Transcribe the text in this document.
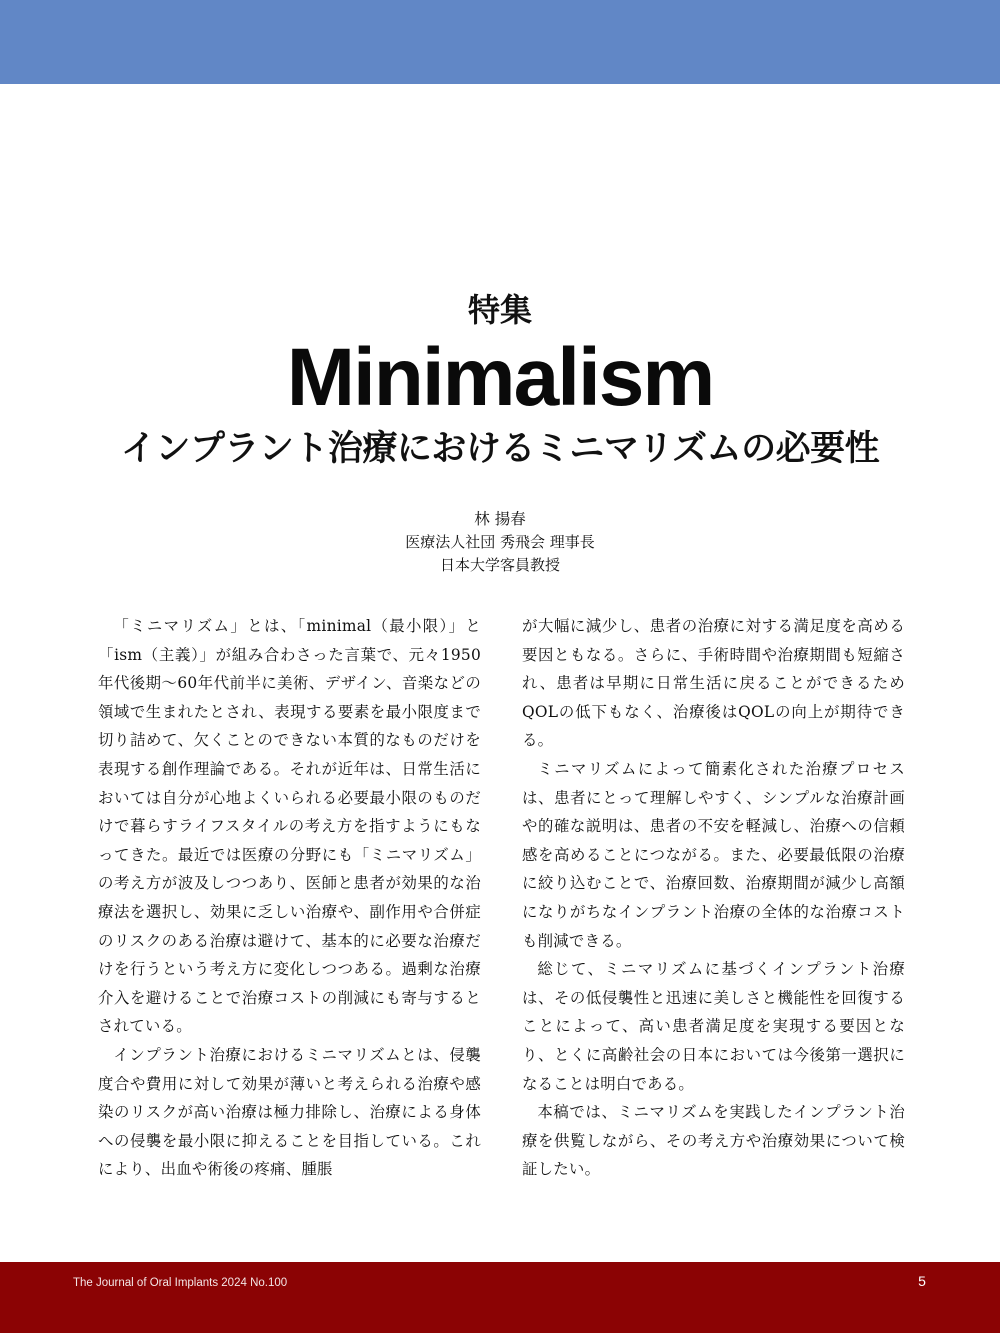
特集
Minimalism
インプラント治療におけるミニマリズムの必要性
林 揚春
医療法人社団 秀飛会 理事長
日本大学客員教授

「ミニマリズム」とは、「minimal（最小限）」と「ism（主義）」が組み合わさった言葉で、元々1950年代後期～60年代前半に美術、デザイン、音楽などの領域で生まれたとされ、表現する要素を最小限度まで切り詰めて、欠くことのできない本質的なものだけを表現する創作理論である。それが近年は、日常生活においては自分が心地よくいられる必要最小限のものだけで暮らすライフスタイルの考え方を指すようにもなってきた。最近では医療の分野にも「ミニマリズム」の考え方が波及しつつあり、医師と患者が効果的な治療法を選択し、効果に乏しい治療や、副作用や合併症のリスクのある治療は避けて、基本的に必要な治療だけを行うという考え方に変化しつつある。過剰な治療介入を避けることで治療コストの削減にも寄与するとされている。

インプラント治療におけるミニマリズムとは、侵襲度合や費用に対して効果が薄いと考えられる治療や感染のリスクが高い治療は極力排除し、治療による身体への侵襲を最小限に抑えることを目指している。これにより、出血や術後の疼痛、腫脹

が大幅に減少し、患者の治療に対する満足度を高める要因ともなる。さらに、手術時間や治療期間も短縮され、患者は早期に日常生活に戻ることができるためQOLの低下もなく、治療後はQOLの向上が期待できる。

ミニマリズムによって簡素化された治療プロセスは、患者にとって理解しやすく、シンプルな治療計画や的確な説明は、患者の不安を軽減し、治療への信頼感を高めることにつながる。また、必要最低限の治療に絞り込むことで、治療回数、治療期間が減少し高額になりがちなインプラント治療の全体的な治療コストも削減できる。

総じて、ミニマリズムに基づくインプラント治療は、その低侵襲性と迅速に美しさと機能性を回復することによって、高い患者満足度を実現する要因となり、とくに高齢社会の日本においては今後第一選択になることは明白である。

本稿では、ミニマリズムを実践したインプラント治療を供覧しながら、その考え方や治療効果について検証したい。

The Journal of Oral Implants 2024 No.100	5
